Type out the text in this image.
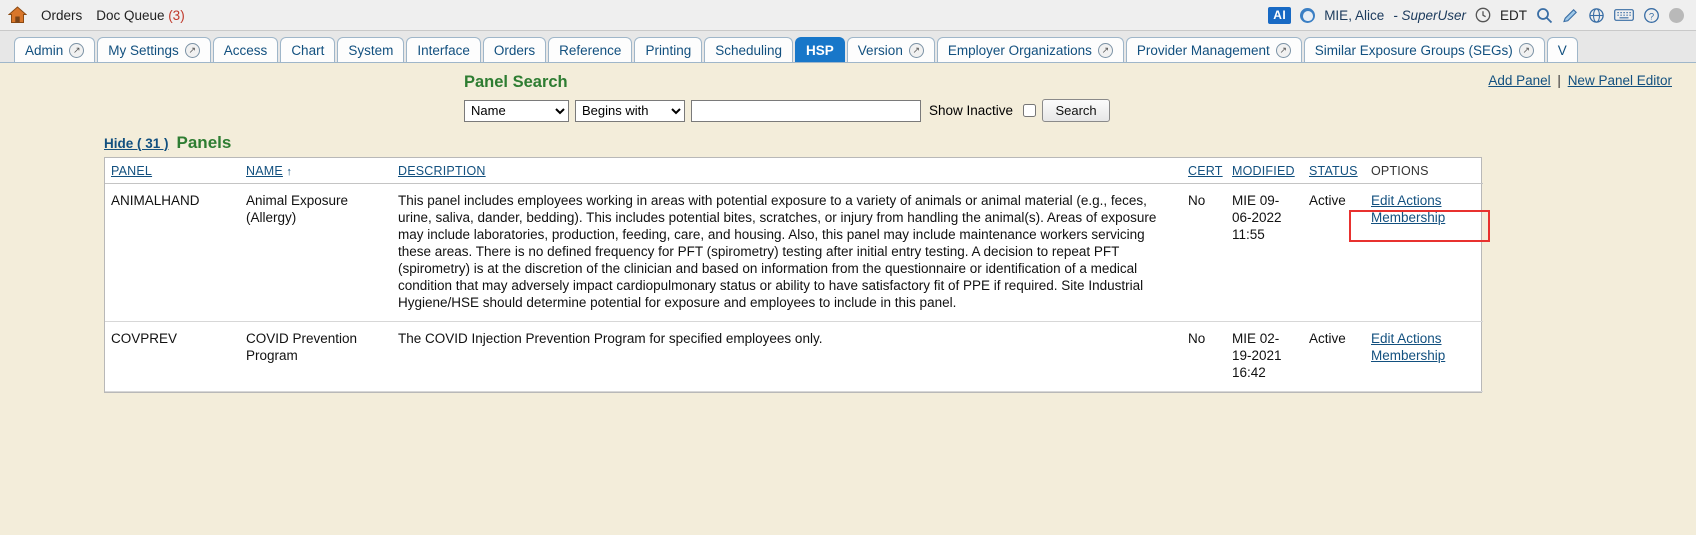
Orders Doc Queue (3)	AI	MIE, Alice - SuperUser	EDT	?
Admin	↗ My Settings	↗ Access Chart System Interface Orders Reference Printing Scheduling HSP Version	↗ Employer Organizations	↗ Provider Management	↗ Similar Exposure Groups (SEGs)	↗ V
Add Panel | New Panel Editor
Panel Search
Name
Begins with
Show Inactive	Search
Hide ( 31 ) Panels
PANEL	NAME ↑	DESCRIPTION	CERT	MODIFIED	STATUS	OPTIONS
ANIMALHAND	Animal Exposure (Allergy)	This panel includes employees working in areas with potential exposure to a variety of animals or animal material (e.g., feces, urine, saliva, dander, bedding). This includes potential bites, scratches, or injury from handling the animal(s). Areas of exposure may include laboratories, production, feeding, care, and housing. Also, this panel may include maintenance workers servicing these areas. There is no defined frequency for PFT (spirometry) testing after initial entry testing. A decision to repeat PFT (spirometry) is at the discretion of the clinician and based on information from the questionnaire or identification of a medical condition that may adversely impact cardiopulmonary status or ability to have satisfactory fit of PPE if required. Site Industrial Hygiene/HSE should determine potential for exposure and employees to include in this panel.	No	MIE 09-06-2022 11:55	Active	Edit Actions
Membership

COVPREV	COVID Prevention Program	The COVID Injection Prevention Program for specified employees only.	No	MIE 02-19-2021 16:42	Active	Edit Actions
Membership
